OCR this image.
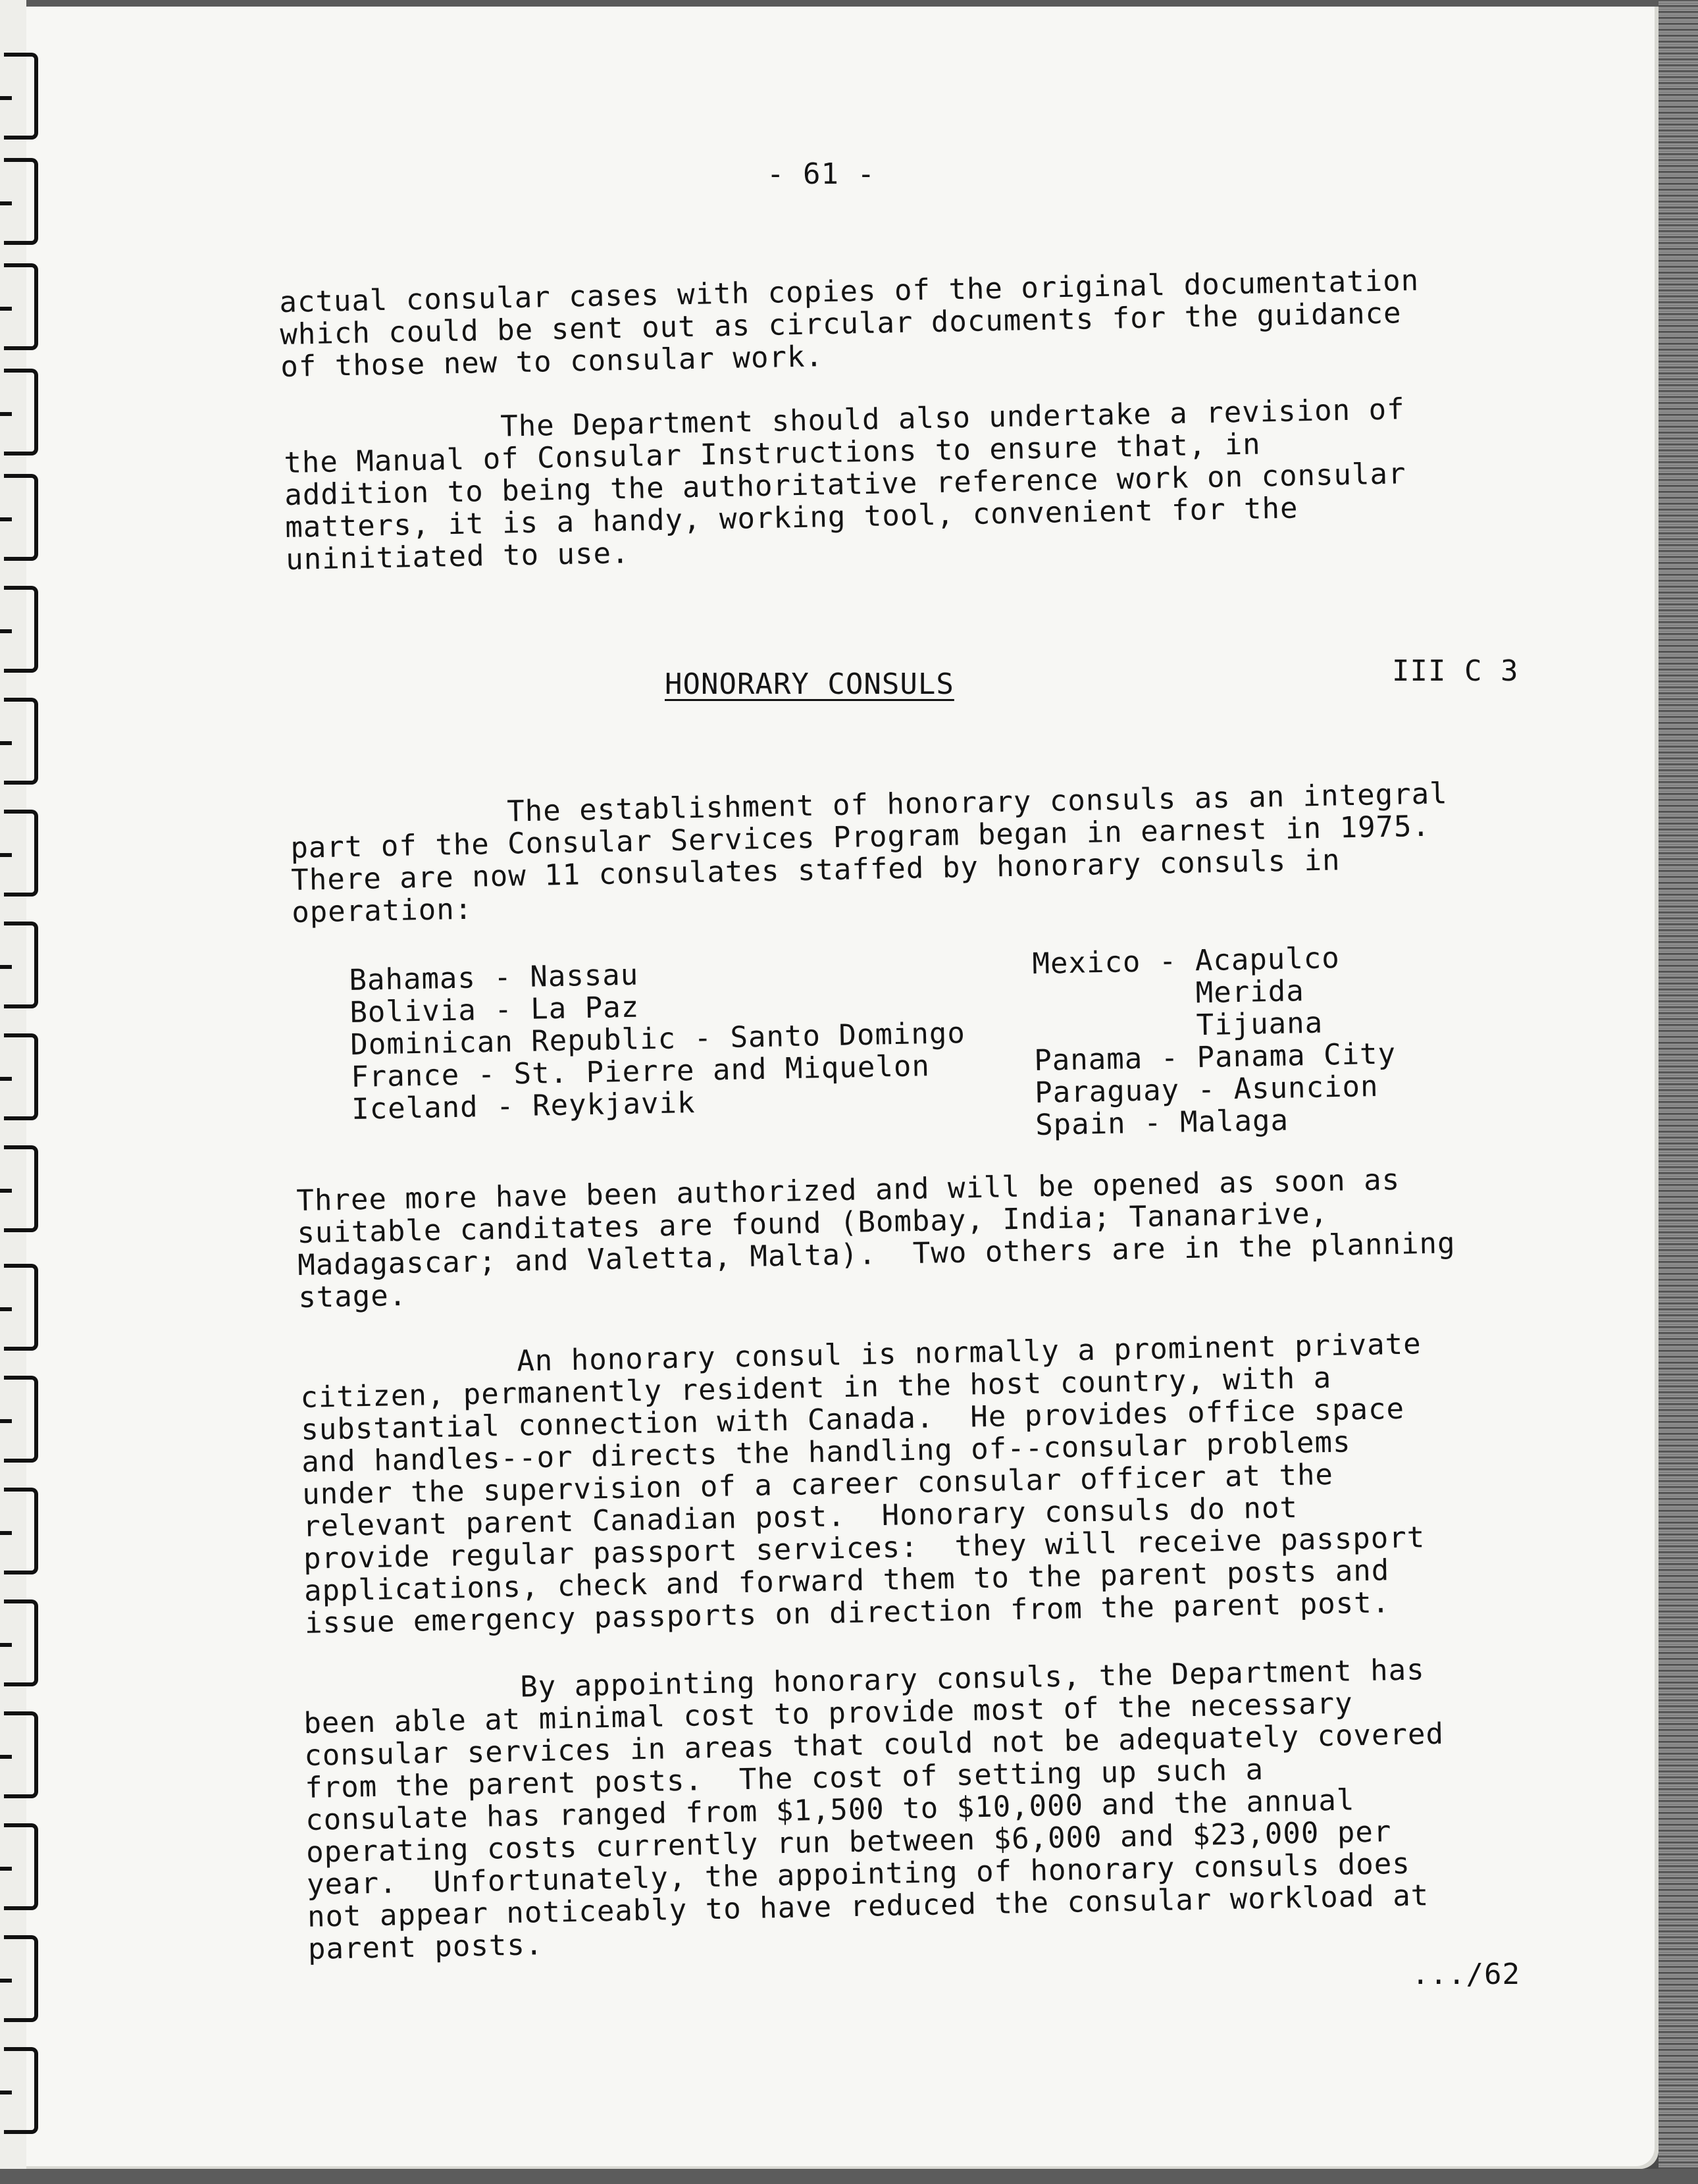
- 61 -
actual consular cases with copies of the original documentation
which could be sent out as circular documents for the guidance
of those new to consular work.
The Department should also undertake a revision of
the Manual of Consular Instructions to ensure that, in
addition to being the authoritative reference work on consular
matters, it is a handy, working tool, convenient for the
uninitiated to use.
HONORARY CONSULS	III C 3
The establishment of honorary consuls as an integral
part of the Consular Services Program began in earnest in 1975.
There are now 11 consulates staffed by honorary consuls in
operation:
Bahamas - Nassau
Bolivia - La Paz
Dominican Republic - Santo Domingo
France - St. Pierre and Miquelon
Iceland - Reykjavik
Mexico - Acapulco
Merida
Tijuana
Panama - Panama City
Paraguay - Asuncion
Spain - Malaga
Three more have been authorized and will be opened as soon as
suitable canditates are found (Bombay, India; Tananarive,
Madagascar; and Valetta, Malta).  Two others are in the planning
stage.
An honorary consul is normally a prominent private
citizen, permanently resident in the host country, with a
substantial connection with Canada.  He provides office space
and handles--or directs the handling of--consular problems
under the supervision of a career consular officer at the
relevant parent Canadian post.  Honorary consuls do not
provide regular passport services:  they will receive passport
applications, check and forward them to the parent posts and
issue emergency passports on direction from the parent post.
By appointing honorary consuls, the Department has
been able at minimal cost to provide most of the necessary
consular services in areas that could not be adequately covered
from the parent posts.  The cost of setting up such a
consulate has ranged from $1,500 to $10,000 and the annual
operating costs currently run between $6,000 and $23,000 per
year.  Unfortunately, the appointing of honorary consuls does
not appear noticeably to have reduced the consular workload at
parent posts.
.../62
